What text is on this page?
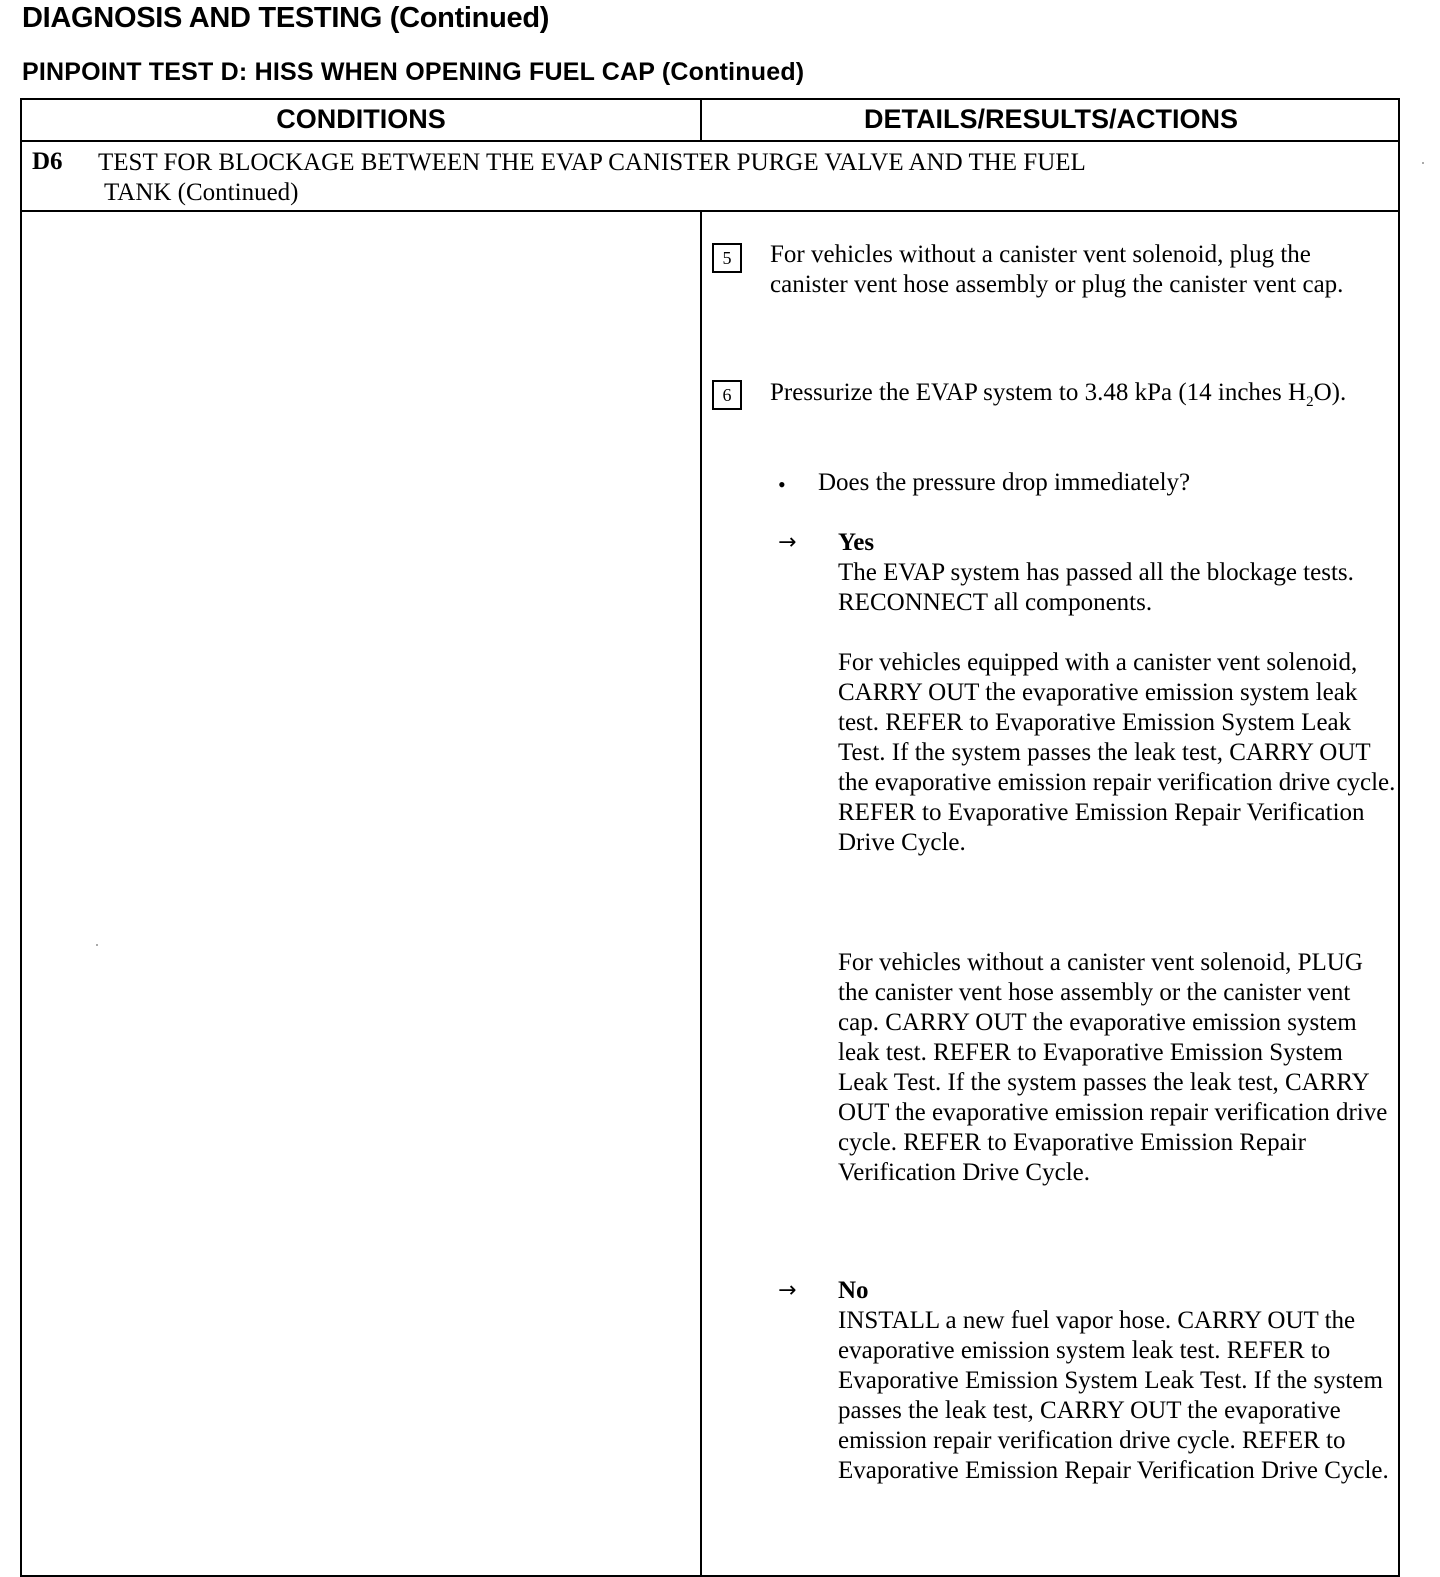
DIAGNOSIS AND TESTING (Continued)
PINPOINT TEST D: HISS WHEN OPENING FUEL CAP (Continued)
CONDITIONS	DETAILS/RESULTS/ACTIONS
D6 TEST FOR BLOCKAGE BETWEEN THE EVAP CANISTER PURGE VALVE AND THE FUEL
TANK (Continued)
5	For vehicles without a canister vent solenoid, plug the canister vent hose assembly or plug the canister vent cap.
6	Pressurize the EVAP system to 3.48 kPa (14 inches $H_2O$).
• Does the pressure drop immediately?
→ Yes
The EVAP system has passed all the blockage tests. RECONNECT all components.
For vehicles equipped with a canister vent solenoid, CARRY OUT the evaporative emission system leak test. REFER to Evaporative Emission System Leak Test. If the system passes the leak test, CARRY OUT the evaporative emission repair verification drive cycle. REFER to Evaporative Emission Repair Verification Drive Cycle.
For vehicles without a canister vent solenoid, PLUG the canister vent hose assembly or the canister vent cap. CARRY OUT the evaporative emission system leak test. REFER to Evaporative Emission System Leak Test. If the system passes the leak test, CARRY OUT the evaporative emission repair verification drive cycle. REFER to Evaporative Emission Repair Verification Drive Cycle.
→ No
INSTALL a new fuel vapor hose. CARRY OUT the evaporative emission system leak test. REFER to Evaporative Emission System Leak Test. If the system passes the leak test, CARRY OUT the evaporative emission repair verification drive cycle. REFER to Evaporative Emission Repair Verification Drive Cycle.
